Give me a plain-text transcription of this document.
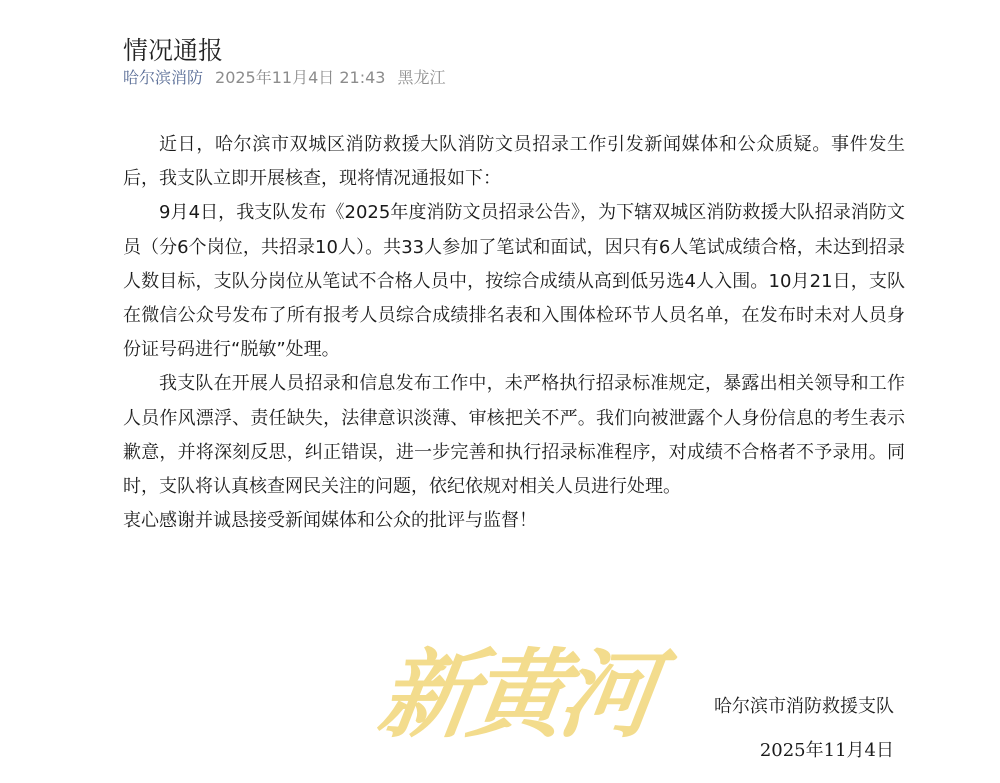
情况通报
哈尔滨消防 2025年11月4日 21:43 黑龙江

近日，哈尔滨市双城区消防救援大队消防文员招录工作引发新闻媒体和公众质疑。事件发生后，我支队立即开展核查，现将情况通报如下：

9月4日，我支队发布《2025年度消防文员招录公告》，为下辖双城区消防救援大队招录消防文员（分6个岗位，共招录10人）。共33人参加了笔试和面试，因只有6人笔试成绩合格，未达到招录人数目标，支队分岗位从笔试不合格人员中，按综合成绩从高到低另选4人入围。10月21日，支队在微信公众号发布了所有报考人员综合成绩排名表和入围体检环节人员名单，在发布时未对人员身份证号码进行“脱敏”处理。

我支队在开展人员招录和信息发布工作中，未严格执行招录标准规定，暴露出相关领导和工作人员作风漂浮、责任缺失，法律意识淡薄、审核把关不严。我们向被泄露个人身份信息的考生表示歉意，并将深刻反思，纠正错误，进一步完善和执行招录标准程序，对成绩不合格者不予录用。同时，支队将认真核查网民关注的问题，依纪依规对相关人员进行处理。

衷心感谢并诚恳接受新闻媒体和公众的批评与监督！

新黄河	哈尔滨市消防救援支队
2025年11月4日
